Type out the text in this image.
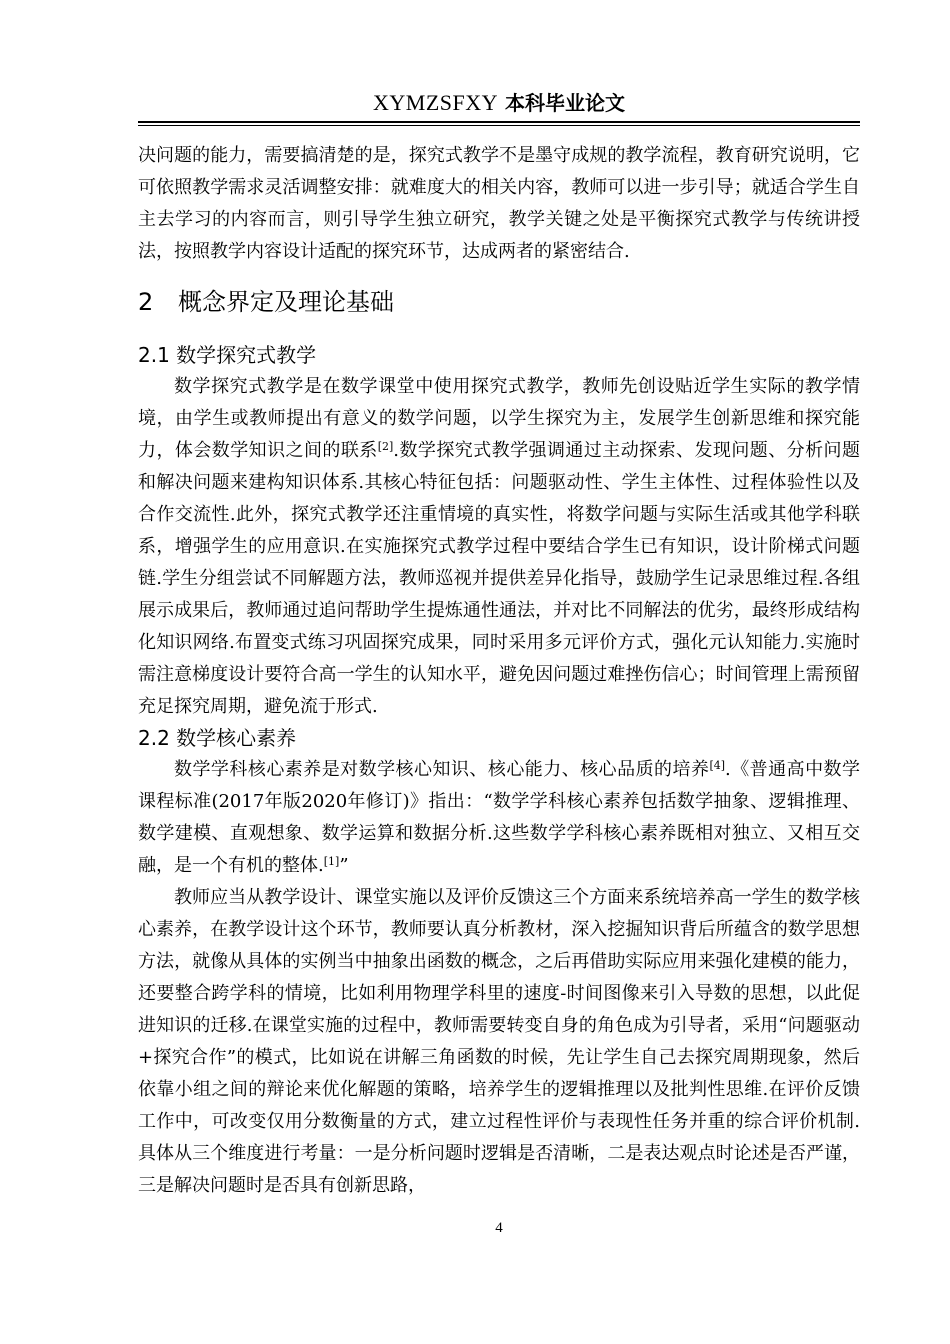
XYMZSFXY 本科毕业论文
决问题的能力，需要搞清楚的是，探究式教学不是墨守成规的教学流程，教育研究说明，它可依照教学需求灵活调整安排：就难度大的相关内容，教师可以进一步引导；就适合学生自主去学习的内容而言，则引导学生独立研究，教学关键之处是平衡探究式教学与传统讲授法，按照教学内容设计适配的探究环节，达成两者的紧密结合.
2 概念界定及理论基础
2.1 数学探究式教学
数学探究式教学是在数学课堂中使用探究式教学，教师先创设贴近学生实际的教学情境，由学生或教师提出有意义的数学问题，以学生探究为主，发展学生创新思维和探究能力，体会数学知识之间的联系[2].数学探究式教学强调通过主动探索、发现问题、分析问题和解决问题来建构知识体系.其核心特征包括：问题驱动性、学生主体性、过程体验性以及合作交流性.此外，探究式教学还注重情境的真实性，将数学问题与实际生活或其他学科联系，增强学生的应用意识.在实施探究式教学过程中要结合学生已有知识，设计阶梯式问题链.学生分组尝试不同解题方法，教师巡视并提供差异化指导，鼓励学生记录思维过程.各组展示成果后，教师通过追问帮助学生提炼通性通法，并对比不同解法的优劣，最终形成结构化知识网络.布置变式练习巩固探究成果，同时采用多元评价方式，强化元认知能力.实施时需注意梯度设计要符合高一学生的认知水平，避免因问题过难挫伤信心；时间管理上需预留充足探究周期，避免流于形式.
2.2 数学核心素养
数学学科核心素养是对数学核心知识、核心能力、核心品质的培养[4].《普通高中数学课程标准(2017年版2020年修订)》指出：“数学学科核心素养包括数学抽象、逻辑推理、数学建模、直观想象、数学运算和数据分析.这些数学学科核心素养既相对独立、又相互交融，是一个有机的整体.[1]”
教师应当从教学设计、课堂实施以及评价反馈这三个方面来系统培养高一学生的数学核心素养，在教学设计这个环节，教师要认真分析教材，深入挖掘知识背后所蕴含的数学思想方法，就像从具体的实例当中抽象出函数的概念，之后再借助实际应用来强化建模的能力，还要整合跨学科的情境，比如利用物理学科里的速度-时间图像来引入导数的思想，以此促进知识的迁移.在课堂实施的过程中，教师需要转变自身的角色成为引导者，采用“问题驱动+探究合作”的模式，比如说在讲解三角函数的时候，先让学生自己去探究周期现象，然后依靠小组之间的辩论来优化解题的策略，培养学生的逻辑推理以及批判性思维.在评价反馈工作中，可改变仅用分数衡量的方式，建立过程性评价与表现性任务并重的综合评价机制.具体从三个维度进行考量：一是分析问题时逻辑是否清晰，二是表达观点时论述是否严谨，三是解决问题时是否具有创新思路，
4
